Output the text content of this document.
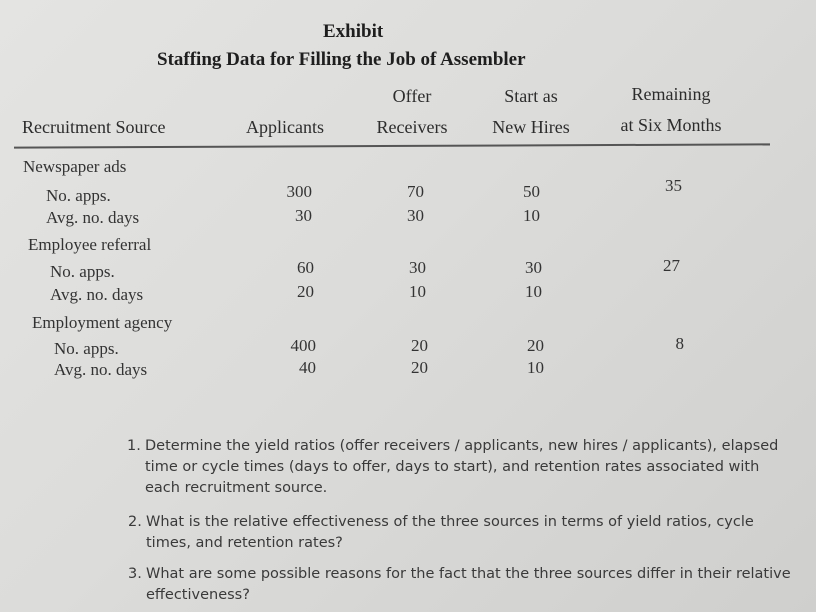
Exhibit
Staffing Data for Filling the Job of Assembler
Recruitment Source	Applicants
Offer
Receivers
Start as
New Hires
Remaining
at Six Months
Newspaper ads
No. apps.
Avg. no. days
300
30
70
30
50
10
35
Employee referral
No. apps.
Avg. no. days
60
20
30
10
30
10
27
Employment agency
No. apps.
Avg. no. days
400
40
20
20
20
10
8
1. Determine the yield ratios (offer receivers / applicants, new hires / applicants), elapsed time or cycle times (days to offer, days to start), and retention rates associated with each recruitment source.
2. What is the relative effectiveness of the three sources in terms of yield ratios, cycle times, and retention rates?
3. What are some possible reasons for the fact that the three sources differ in their relative effectiveness?
